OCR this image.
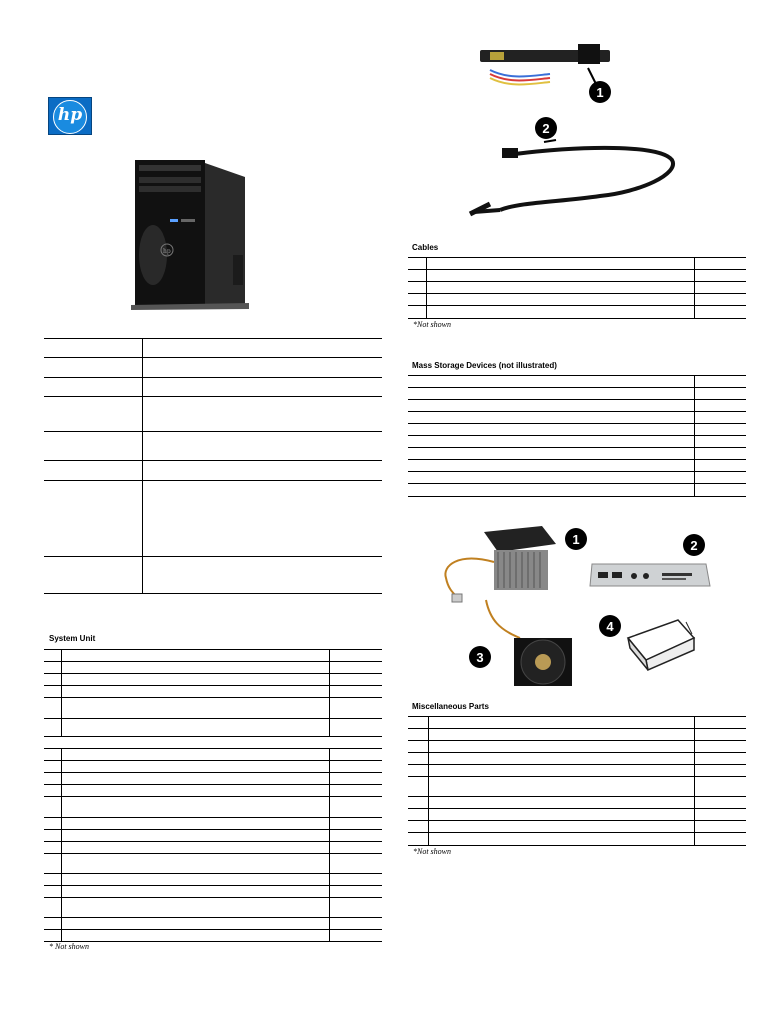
hp
hp
System Unit
* Not shown
1
2
Cables
*Not shown
Mass Storage Devices (not illustrated)
1	2
3
4
Miscellaneous Parts
*Not shown
